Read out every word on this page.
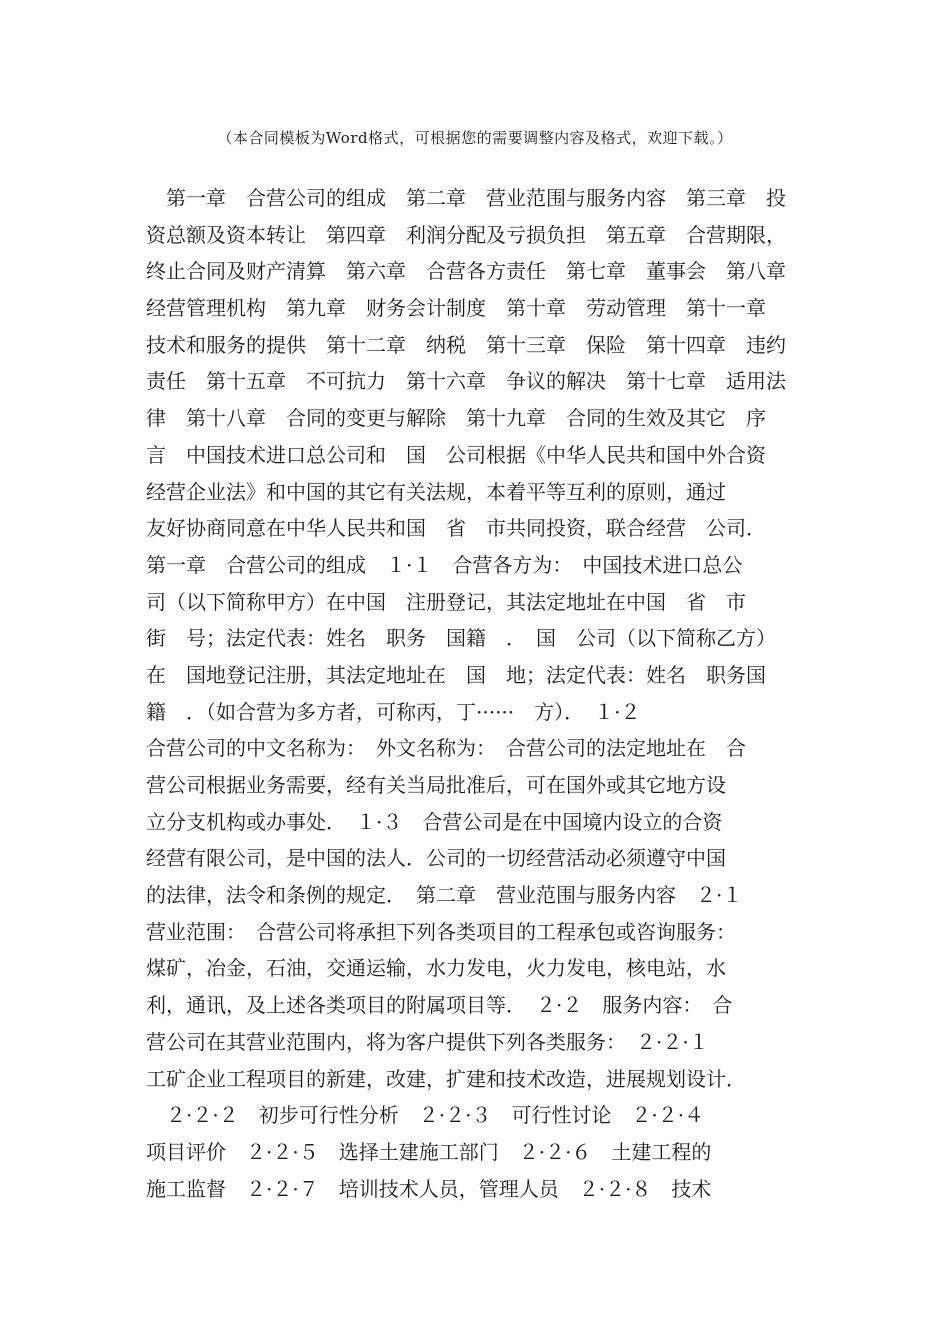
（本合同模板为Word格式，可根据您的需要调整内容及格式，欢迎下载。）
　第一章　合营公司的组成　第二章　营业范围与服务内容　第三章　投
资总额及资本转让　第四章　利润分配及亏损负担　第五章　合营期限，
终止合同及财产清算　第六章　合营各方责任　第七章　董事会　第八章
经营管理机构　第九章　财务会计制度　第十章　劳动管理　第十一章
技术和服务的提供　第十二章　纳税　第十三章　保险　第十四章　违约
责任　第十五章　不可抗力　第十六章　争议的解决　第十七章　适用法
律　第十八章　合同的变更与解除　第十九章　合同的生效及其它　序
言　中国技术进口总公司和　国　公司根据《中华人民共和国中外合资
经营企业法》和中国的其它有关法规，本着平等互利的原则，通过
友好协商同意在中华人民共和国　省　市共同投资，联合经营　公司．
第一章　合营公司的组成　１·１　合营各方为：　中国技术进口总公
司（以下简称甲方）在中国　注册登记，其法定地址在中国　省　市
街　号；法定代表：姓名　职务　国籍　．　国　公司（以下简称乙方）
在　国地登记注册，其法定地址在　国　地；法定代表：姓名　职务国
籍　．（如合营为多方者，可称丙，丁······　方）．　１·２
合营公司的中文名称为：　外文名称为：　合营公司的法定地址在　合
营公司根据业务需要，经有关当局批准后，可在国外或其它地方设
立分支机构或办事处．　１·３　合营公司是在中国境内设立的合资
经营有限公司，是中国的法人．公司的一切经营活动必须遵守中国
的法律，法令和条例的规定．　第二章　营业范围与服务内容　２·１
营业范围：　合营公司将承担下列各类项目的工程承包或咨询服务：
煤矿，冶金，石油，交通运输，水力发电，火力发电，核电站，水
利，通讯，及上述各类项目的附属项目等．　２·２　服务内容：　合
营公司在其营业范围内，将为客户提供下列各类服务：　２·２·１
工矿企业工程项目的新建，改建，扩建和技术改造，进展规划设计．
　２·２·２　初步可行性分析　２·２·３　可行性讨论　２·２·４
项目评价　２·２·５　选择土建施工部门　２·２·６　土建工程的
施工监督　２·２·７　培训技术人员，管理人员　２·２·８　技术
